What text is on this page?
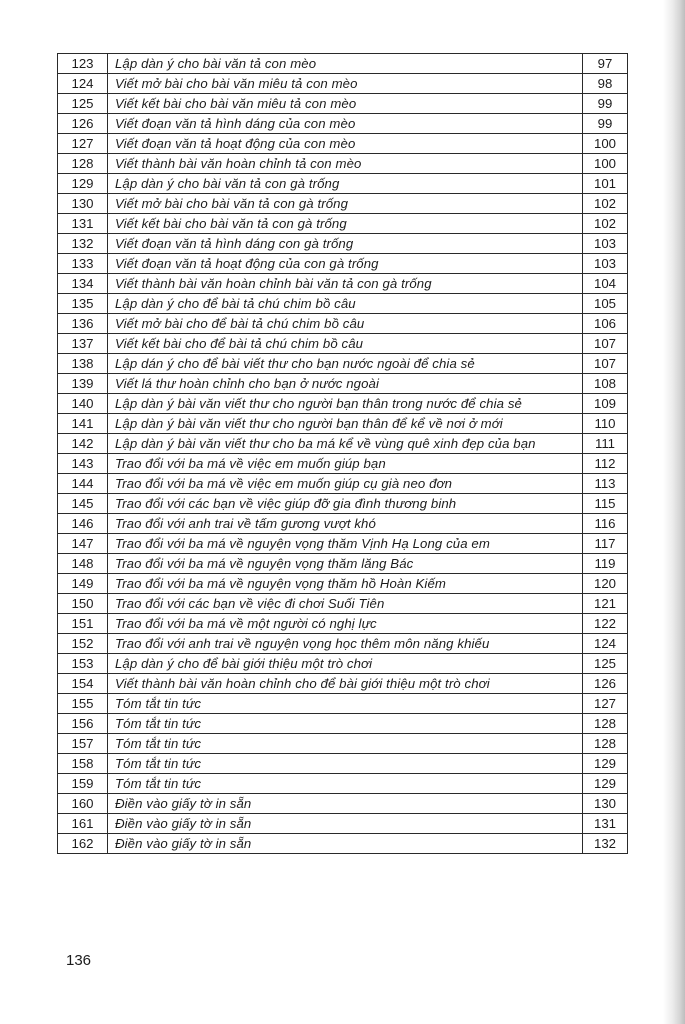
123	Lập dàn ý cho bài văn tả con mèo	97
124	Viết mở bài cho bài văn miêu tả con mèo	98
125	Viết kết bài cho bài văn miêu tả con mèo	99
126	Viết đoạn văn tả hình dáng của con mèo	99
127	Viết đoạn văn tả hoạt động của con mèo	100
128	Viết thành bài văn hoàn chỉnh tả con mèo	100
129	Lập dàn ý cho bài văn tả con gà trống	101
130	Viết mở bài cho bài văn tả con gà trống	102
131	Viết kết bài cho bài văn tả con gà trống	102
132	Viết đoạn văn tả hình dáng con gà trống	103
133	Viết đoạn văn tả hoạt động của con gà trống	103
134	Viết thành bài văn hoàn chỉnh bài văn tả con gà trống	104
135	Lập dàn ý cho để bài tả chú chim bồ câu	105
136	Viết mở bài cho để bài tả chú chim bồ câu	106
137	Viết kết bài cho để bài tả chú chim bồ câu	107
138	Lập dán ý cho để bài viết thư cho bạn nước ngoài để chia sẻ	107
139	Viết lá thư hoàn chỉnh cho bạn ở nước ngoài	108
140	Lập dàn ý bài văn viết thư cho người bạn thân trong nước để chia sẻ	109
141	Lập dàn ý bài văn viết thư cho người bạn thân để kể về nơi ở mới	110
142	Lập dàn ý bài văn viết thư cho ba má kể về vùng quê xinh đẹp của bạn	111
143	Trao đổi với ba má về việc em muốn giúp bạn	112
144	Trao đổi với ba má về việc em muốn giúp cụ già neo đơn	113
145	Trao đổi với các bạn về việc giúp đỡ gia đình thương binh	115
146	Trao đổi với anh trai về tấm gương vượt khó	116
147	Trao đổi với ba má về nguyện vọng thăm Vịnh Hạ Long của em	117
148	Trao đổi với ba má về nguyện vọng thăm lăng Bác	119
149	Trao đổi với ba má về nguyện vọng thăm hồ Hoàn Kiếm	120
150	Trao đổi với các bạn về việc đi chơi Suối Tiên	121
151	Trao đổi với ba má về một người có nghị lực	122
152	Trao đổi với anh trai về nguyện vọng học thêm môn năng khiếu	124
153	Lập dàn ý cho để bài giới thiệu một trò chơi	125
154	Viết thành bài văn hoàn chỉnh cho để bài giới thiệu một trò chơi	126
155	Tóm tắt tin tức	127
156	Tóm tắt tin tức	128
157	Tóm tắt tin tức	128
158	Tóm tắt tin tức	129
159	Tóm tắt tin tức	129
160	Điền vào giấy tờ in sẵn	130
161	Điền vào giấy tờ in sẵn	131
162	Điền vào giấy tờ in sẵn	132
136
